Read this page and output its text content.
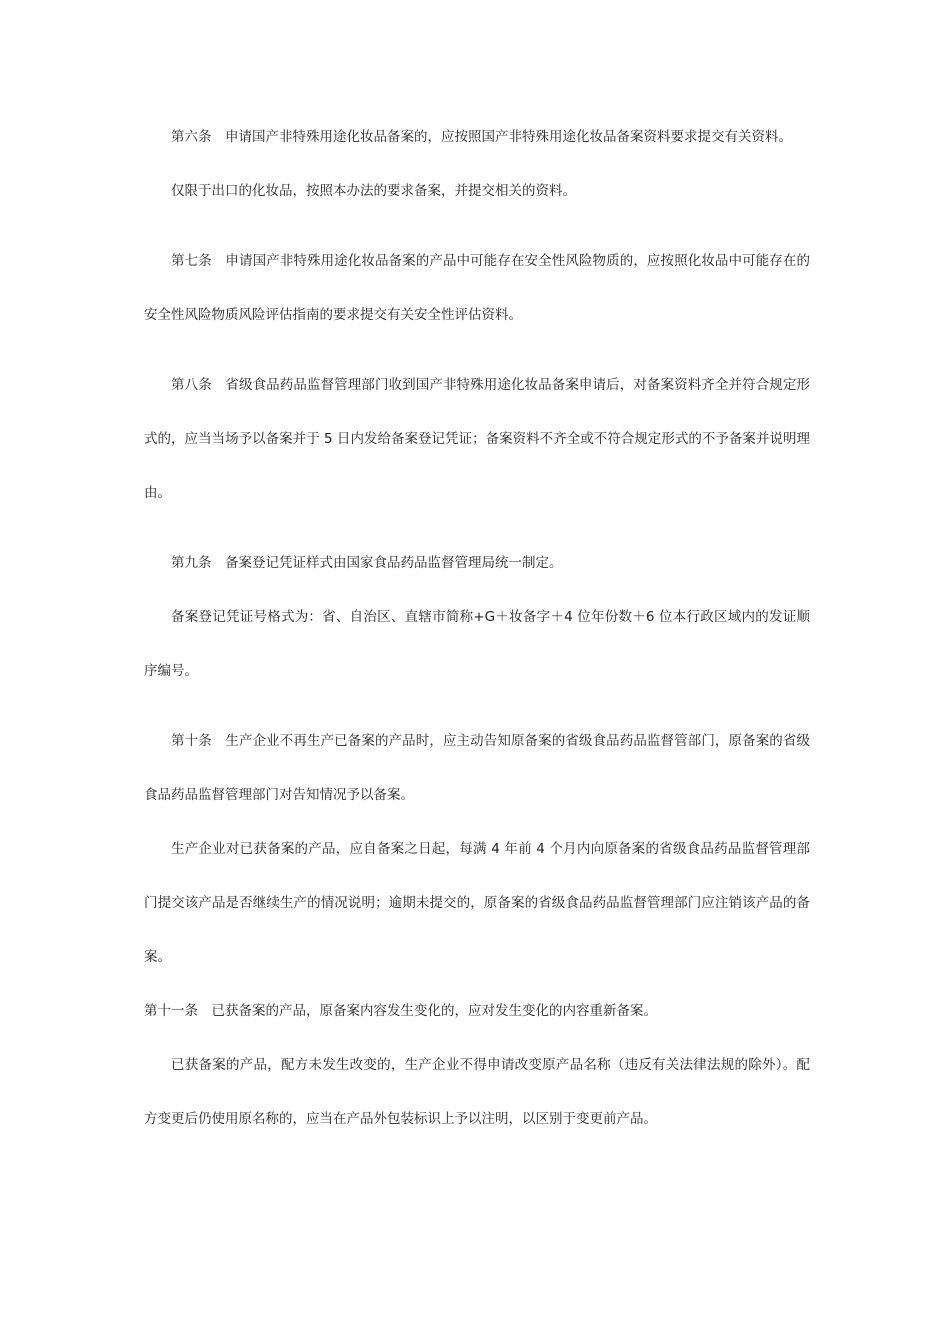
第六条　申请国产非特殊用途化妆品备案的，应按照国产非特殊用途化妆品备案资料要求提交有关资料。

仅限于出口的化妆品，按照本办法的要求备案，并提交相关的资料。

第七条　申请国产非特殊用途化妆品备案的产品中可能存在安全性风险物质的，应按照化妆品中可能存在的安全性风险物质风险评估指南的要求提交有关安全性评估资料。

第八条　省级食品药品监督管理部门收到国产非特殊用途化妆品备案申请后，对备案资料齐全并符合规定形式的，应当当场予以备案并于 5 日内发给备案登记凭证；备案资料不齐全或不符合规定形式的不予备案并说明理由。

第九条　备案登记凭证样式由国家食品药品监督管理局统一制定。

备案登记凭证号格式为：省、自治区、直辖市简称+G＋妆备字＋4 位年份数＋6 位本行政区域内的发证顺序编号。

第十条　生产企业不再生产已备案的产品时，应主动告知原备案的省级食品药品监督管部门，原备案的省级食品药品监督管理部门对告知情况予以备案。

生产企业对已获备案的产品，应自备案之日起，每满 4 年前 4 个月内向原备案的省级食品药品监督管理部门提交该产品是否继续生产的情况说明；逾期未提交的，原备案的省级食品药品监督管理部门应注销该产品的备案。

第十一条　已获备案的产品，原备案内容发生变化的，应对发生变化的内容重新备案。

已获备案的产品，配方未发生改变的，生产企业不得申请改变原产品名称（违反有关法律法规的除外）。配方变更后仍使用原名称的，应当在产品外包装标识上予以注明，以区别于变更前产品。
